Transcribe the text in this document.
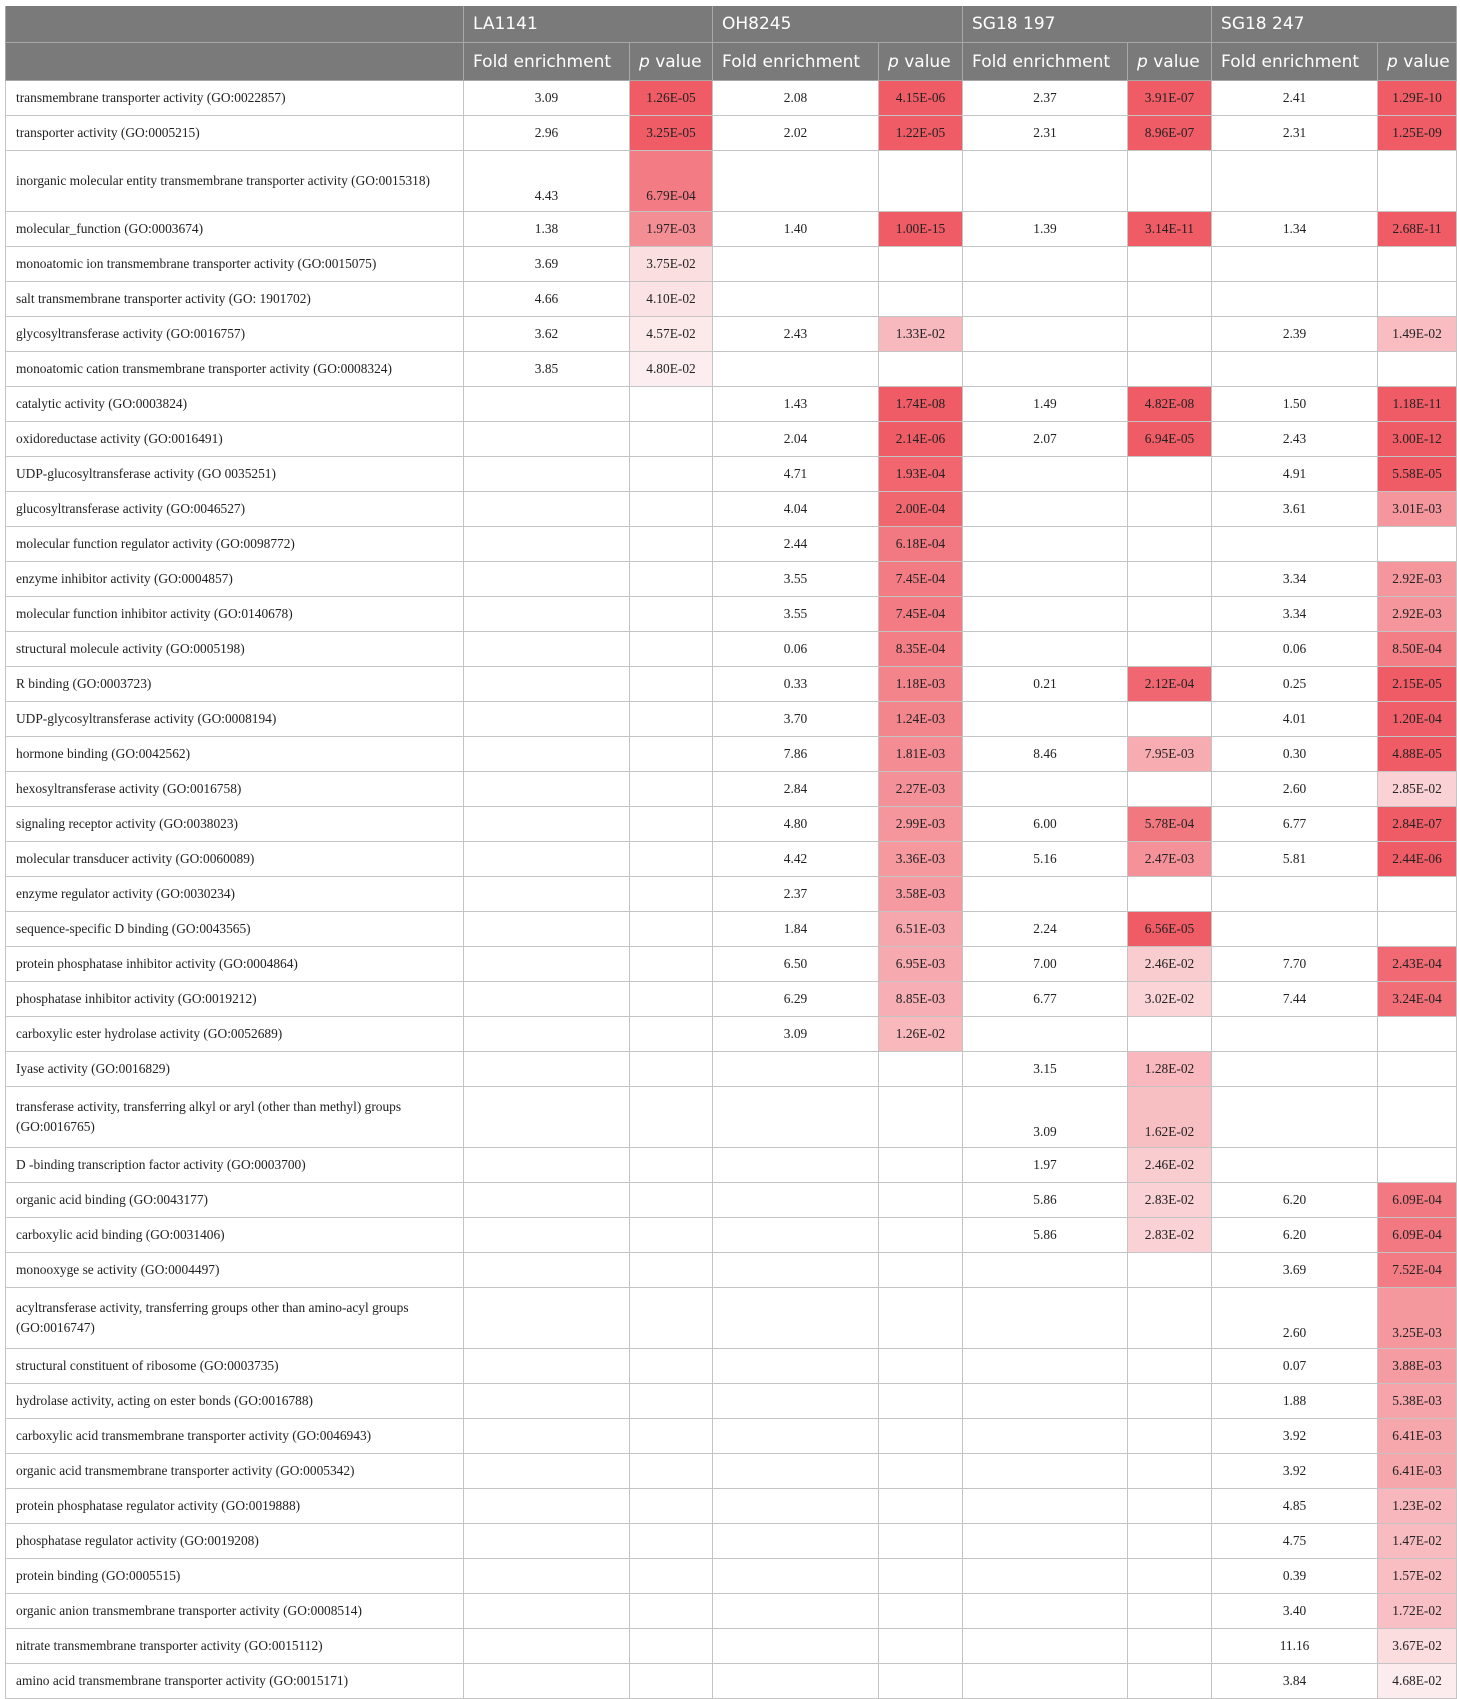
	LA1141		OH8245		SG18 197		SG18 247	
	Fold enrichment	p value	Fold enrichment	p value	Fold enrichment	p value	Fold enrichment	p value
transmembrane transporter activity (GO:0022857)	3.09	1.26E-05	2.08	4.15E-06	2.37	3.91E-07	2.41	1.29E-10
transporter activity (GO:0005215)	2.96	3.25E-05	2.02	1.22E-05	2.31	8.96E-07	2.31	1.25E-09
inorganic molecular entity transmembrane transporter activity (GO:0015318)	4.43	6.79E-04						
molecular_function (GO:0003674)	1.38	1.97E-03	1.40	1.00E-15	1.39	3.14E-11	1.34	2.68E-11
monoatomic ion transmembrane transporter activity (GO:0015075)	3.69	3.75E-02						
salt transmembrane transporter activity (GO: 1901702)	4.66	4.10E-02						
glycosyltransferase activity (GO:0016757)	3.62	4.57E-02	2.43	1.33E-02			2.39	1.49E-02
monoatomic cation transmembrane transporter activity (GO:0008324)	3.85	4.80E-02						
catalytic activity (GO:0003824)			1.43	1.74E-08	1.49	4.82E-08	1.50	1.18E-11
oxidoreductase activity (GO:0016491)			2.04	2.14E-06	2.07	6.94E-05	2.43	3.00E-12
UDP-glucosyltransferase activity (GO 0035251)			4.71	1.93E-04			4.91	5.58E-05
glucosyltransferase activity (GO:0046527)			4.04	2.00E-04			3.61	3.01E-03
molecular function regulator activity (GO:0098772)			2.44	6.18E-04				
enzyme inhibitor activity (GO:0004857)			3.55	7.45E-04			3.34	2.92E-03
molecular function inhibitor activity (GO:0140678)			3.55	7.45E-04			3.34	2.92E-03
structural molecule activity (GO:0005198)			0.06	8.35E-04			0.06	8.50E-04
R binding (GO:0003723)			0.33	1.18E-03	0.21	2.12E-04	0.25	2.15E-05
UDP-glycosyltransferase activity (GO:0008194)			3.70	1.24E-03			4.01	1.20E-04
hormone binding (GO:0042562)			7.86	1.81E-03	8.46	7.95E-03	0.30	4.88E-05
hexosyltransferase activity (GO:0016758)			2.84	2.27E-03			2.60	2.85E-02
signaling receptor activity (GO:0038023)			4.80	2.99E-03	6.00	5.78E-04	6.77	2.84E-07
molecular transducer activity (GO:0060089)			4.42	3.36E-03	5.16	2.47E-03	5.81	2.44E-06
enzyme regulator activity (GO:0030234)			2.37	3.58E-03				
sequence-specific D binding (GO:0043565)			1.84	6.51E-03	2.24	6.56E-05		
protein phosphatase inhibitor activity (GO:0004864)			6.50	6.95E-03	7.00	2.46E-02	7.70	2.43E-04
phosphatase inhibitor activity (GO:0019212)			6.29	8.85E-03	6.77	3.02E-02	7.44	3.24E-04
carboxylic ester hydrolase activity (GO:0052689)			3.09	1.26E-02				
Iyase activity (GO:0016829)					3.15	1.28E-02		
transferase activity, transferring alkyl or aryl (other than methyl) groups (GO:0016765)					3.09	1.62E-02		
D -binding transcription factor activity (GO:0003700)					1.97	2.46E-02		
organic acid binding (GO:0043177)					5.86	2.83E-02	6.20	6.09E-04
carboxylic acid binding (GO:0031406)					5.86	2.83E-02	6.20	6.09E-04
monooxyge se activity (GO:0004497)							3.69	7.52E-04
acyltransferase activity, transferring groups other than amino-acyl groups (GO:0016747)							2.60	3.25E-03
structural constituent of ribosome (GO:0003735)							0.07	3.88E-03
hydrolase activity, acting on ester bonds (GO:0016788)							1.88	5.38E-03
carboxylic acid transmembrane transporter activity (GO:0046943)							3.92	6.41E-03
organic acid transmembrane transporter activity (GO:0005342)							3.92	6.41E-03
protein phosphatase regulator activity (GO:0019888)							4.85	1.23E-02
phosphatase regulator activity (GO:0019208)							4.75	1.47E-02
protein binding (GO:0005515)							0.39	1.57E-02
organic anion transmembrane transporter activity (GO:0008514)							3.40	1.72E-02
nitrate transmembrane transporter activity (GO:0015112)							11.16	3.67E-02
amino acid transmembrane transporter activity (GO:0015171)							3.84	4.68E-02
